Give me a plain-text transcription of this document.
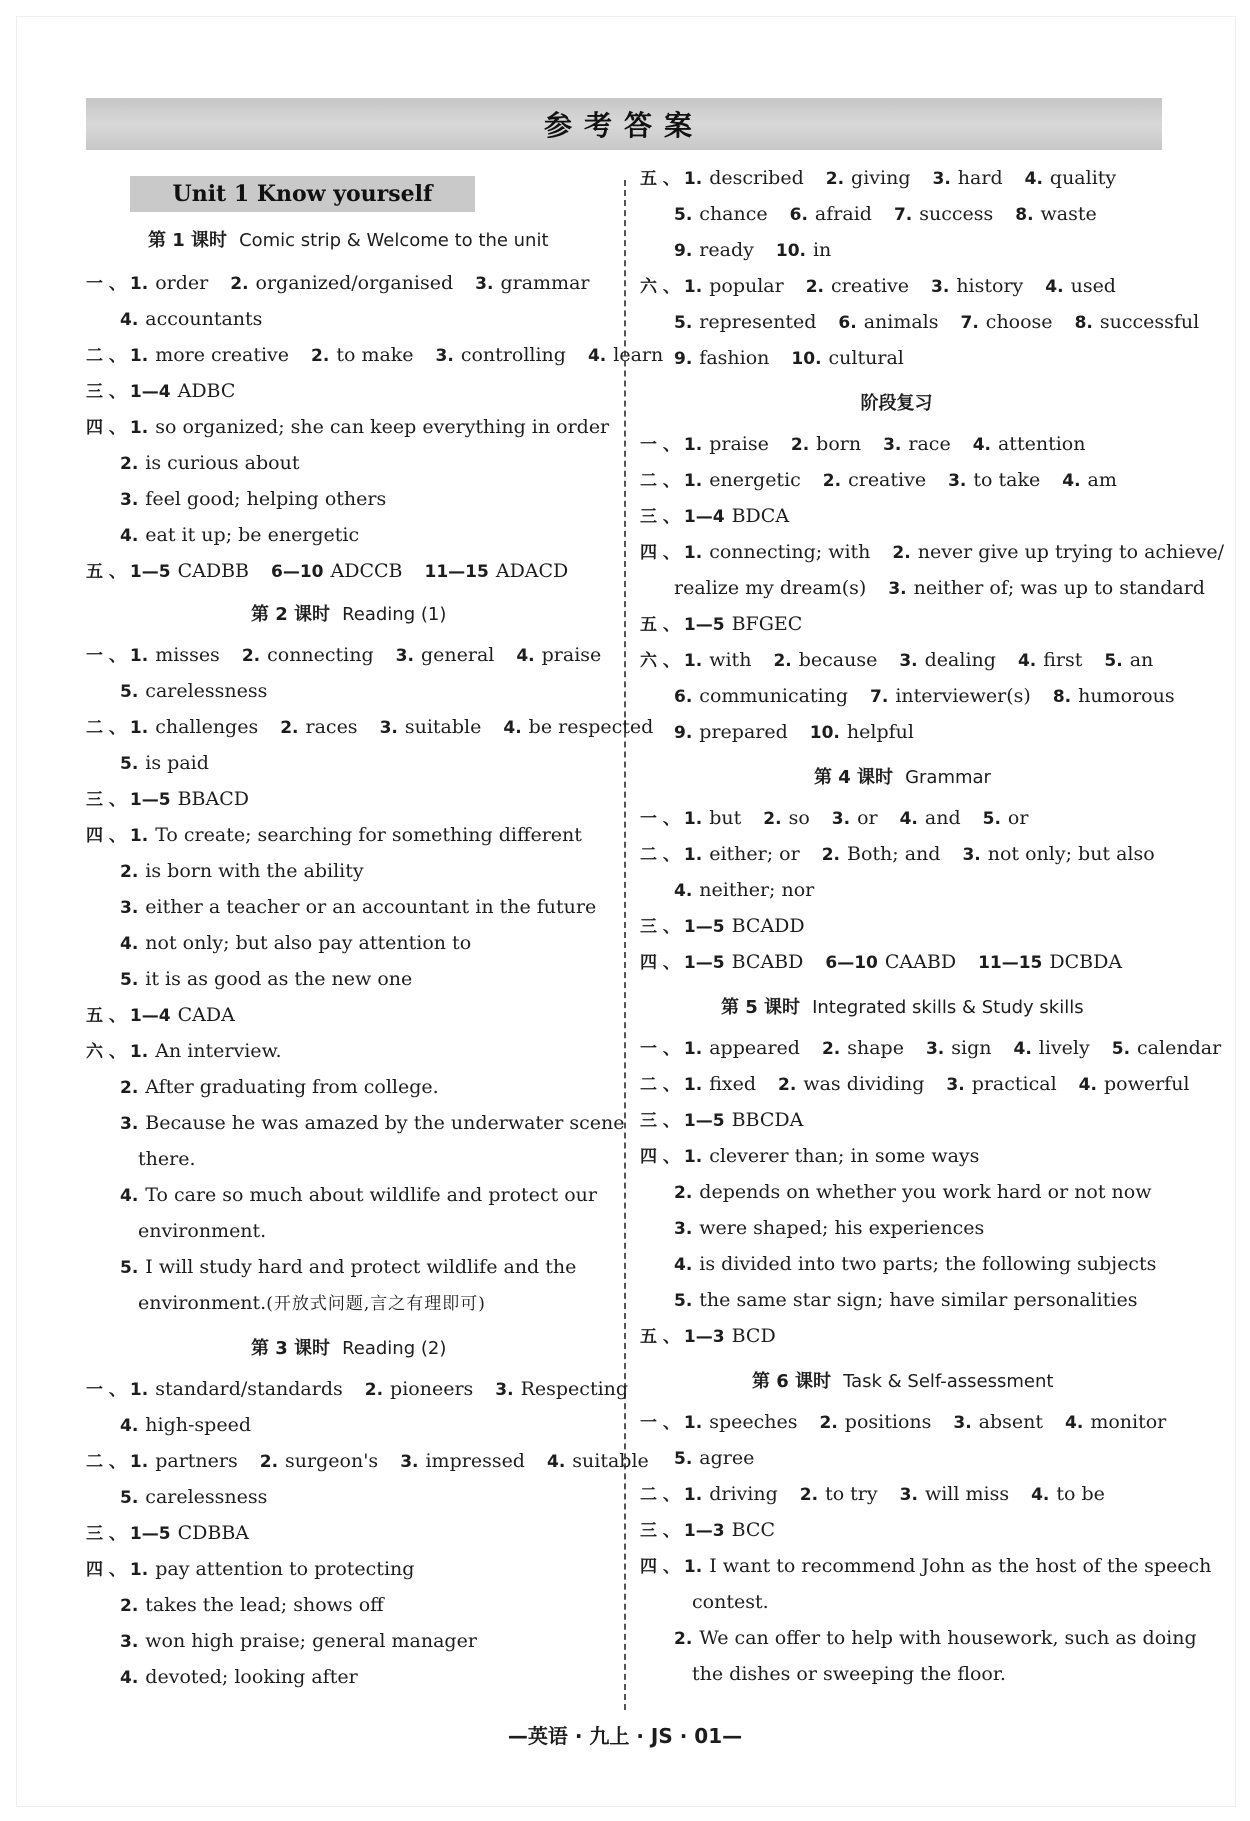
参考答案
Unit 1 Know yourself
第 1 课时 Comic strip & Welcome to the unit
一 、 1. order 2. organized/organised 3. grammar
4. accountants
二 、 1. more creative 2. to make 3. controlling 4. learn
三 、 1—4 ADBC
四 、 1. so organized; she can keep everything in order
2. is curious about
3. feel good; helping others
4. eat it up; be energetic
五 、 1—5 CADBB 6—10 ADCCB 11—15 ADACD
第 2 课时 Reading (1)
一 、 1. misses 2. connecting 3. general 4. praise
5. carelessness
二 、 1. challenges 2. races 3. suitable 4. be respected
5. is paid
三 、 1—5 BBACD
四 、 1. To create; searching for something different
2. is born with the ability
3. either a teacher or an accountant in the future
4. not only; but also pay attention to
5. it is as good as the new one
五 、 1—4 CADA
六 、 1. An interview.
2. After graduating from college.
3. Because he was amazed by the underwater scene
there.
4. To care so much about wildlife and protect our
environment.
5. I will study hard and protect wildlife and the
environment.(开放式问题,言之有理即可)
第 3 课时 Reading (2)
一 、 1. standard/standards 2. pioneers 3. Respecting
4. high-speed
二 、 1. partners 2. surgeon's 3. impressed 4. suitable
5. carelessness
三 、 1—5 CDBBA
四 、 1. pay attention to protecting
2. takes the lead; shows off
3. won high praise; general manager
4. devoted; looking after
五 、 1. described 2. giving 3. hard 4. quality
5. chance 6. afraid 7. success 8. waste
9. ready 10. in
六 、 1. popular 2. creative 3. history 4. used
5. represented 6. animals 7. choose 8. successful
9. fashion 10. cultural
阶段复习
一 、 1. praise 2. born 3. race 4. attention
二 、 1. energetic 2. creative 3. to take 4. am
三 、 1—4 BDCA
四 、 1. connecting; with 2. never give up trying to achieve/
realize my dream(s) 3. neither of; was up to standard
五 、 1—5 BFGEC
六 、 1. with 2. because 3. dealing 4. first 5. an
6. communicating 7. interviewer(s) 8. humorous
9. prepared 10. helpful
第 4 课时 Grammar
一 、 1. but 2. so 3. or 4. and 5. or
二 、 1. either; or 2. Both; and 3. not only; but also
4. neither; nor
三 、 1—5 BCADD
四 、 1—5 BCABD 6—10 CAABD 11—15 DCBDA
第 5 课时 Integrated skills & Study skills
一 、 1. appeared 2. shape 3. sign 4. lively 5. calendar
二 、 1. fixed 2. was dividing 3. practical 4. powerful
三 、 1—5 BBCDA
四 、 1. cleverer than; in some ways
2. depends on whether you work hard or not now
3. were shaped; his experiences
4. is divided into two parts; the following subjects
5. the same star sign; have similar personalities
五 、 1—3 BCD
第 6 课时 Task & Self-assessment
一 、 1. speeches 2. positions 3. absent 4. monitor
5. agree
二 、 1. driving 2. to try 3. will miss 4. to be
三 、 1—3 BCC
四 、 1. I want to recommend John as the host of the speech
contest.
2. We can offer to help with housework, such as doing
the dishes or sweeping the floor.
—英语 · 九上 · JS · 01—
